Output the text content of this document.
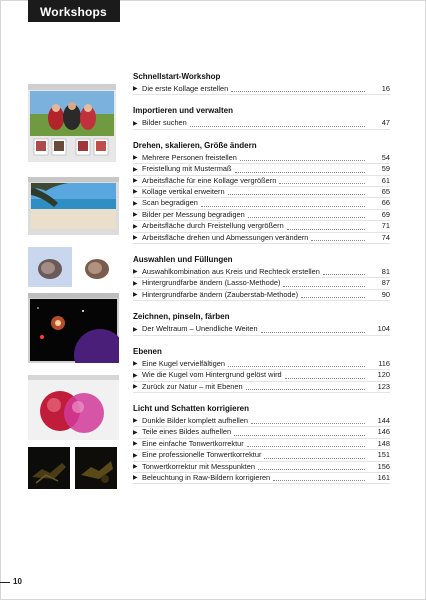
Workshops
Schnellstart-Workshop
▶ Die erste Kollage erstellen	16
Importieren und verwalten
▶ Bilder suchen	47
Drehen, skalieren, Größe ändern
▶ Mehrere Personen freistellen	54
▶ Freistellung mit Mustermaß	59
▶ Arbeitsfläche für eine Kollage vergrößern	61
▶ Kollage vertikal erweitern	65
▶ Scan begradigen	66
▶ Bilder per Messung begradigen	69
▶ Arbeitsfläche durch Freistellung vergrößern	71
▶ Arbeitsfläche drehen und Abmessungen verändern	74
Auswahlen und Füllungen
▶ Auswahlkombination aus Kreis und Rechteck erstellen	81
▶ Hintergrundfarbe ändern (Lasso-Methode)	87
▶ Hintergrundfarbe ändern (Zauberstab-Methode)	90
Zeichnen, pinseln, färben
▶ Der Weltraum – Unendliche Weiten	104
Ebenen
▶ Eine Kugel vervielfältigen	116
▶ Wie die Kugel vom Hintergrund gelöst wird	120
▶ Zurück zur Natur – mit Ebenen	123
Licht und Schatten korrigieren
▶ Dunkle Bilder komplett aufhellen	144
▶ Teile eines Bildes aufhellen	146
▶ Eine einfache Tonwertkorrektur	148
▶ Eine professionelle Tonwertkorrektur	151
▶ Tonwertkorrektur mit Messpunkten	156
▶ Beleuchtung in Raw-Bildern korrigieren	161
10
